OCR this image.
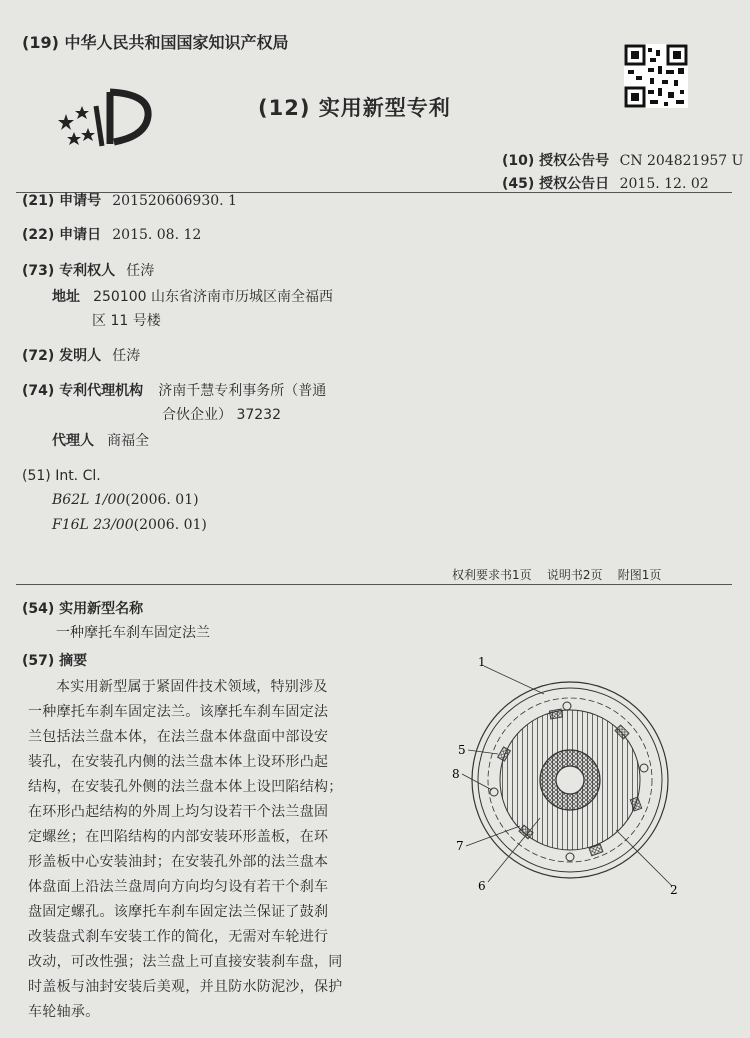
(19) 中华人民共和国国家知识产权局
(12) 实用新型专利
(10) 授权公告号 CN 204821957 U
(45) 授权公告日 2015. 12. 02
(21) 申请号 201520606930. 1
(22) 申请日 2015. 08. 12
(73) 专利权人 任涛
地址 250100 山东省济南市历城区南全福西
区 11 号楼
(72) 发明人 任涛
(74) 专利代理机构 济南千慧专利事务所（普通
合伙企业） 37232
代理人 商福全
(51) Int. Cl.
B62L 1/00(2006. 01)
F16L 23/00(2006. 01)
权利要求书1页    说明书2页    附图1页
(54) 实用新型名称
一种摩托车刹车固定法兰
(57) 摘要
本实用新型属于紧固件技术领域，特别涉及
一种摩托车刹车固定法兰。该摩托车刹车固定法
兰包括法兰盘本体，在法兰盘本体盘面中部设安
装孔，在安装孔内侧的法兰盘本体上设环形凸起
结构，在安装孔外侧的法兰盘本体上设凹陷结构；
在环形凸起结构的外周上均匀设若干个法兰盘固
定螺丝；在凹陷结构的内部安装环形盖板，在环
形盖板中心安装油封；在安装孔外部的法兰盘本
体盘面上沿法兰盘周向方向均匀设有若干个刹车
盘固定螺孔。该摩托车刹车固定法兰保证了鼓刹
改装盘式刹车安装工作的简化，无需对车轮进行
改动，可改性强；法兰盘上可直接安装刹车盘，同
时盖板与油封安装后美观，并且防水防泥沙，保护
车轮轴承。
1
5
8
7
6	2
